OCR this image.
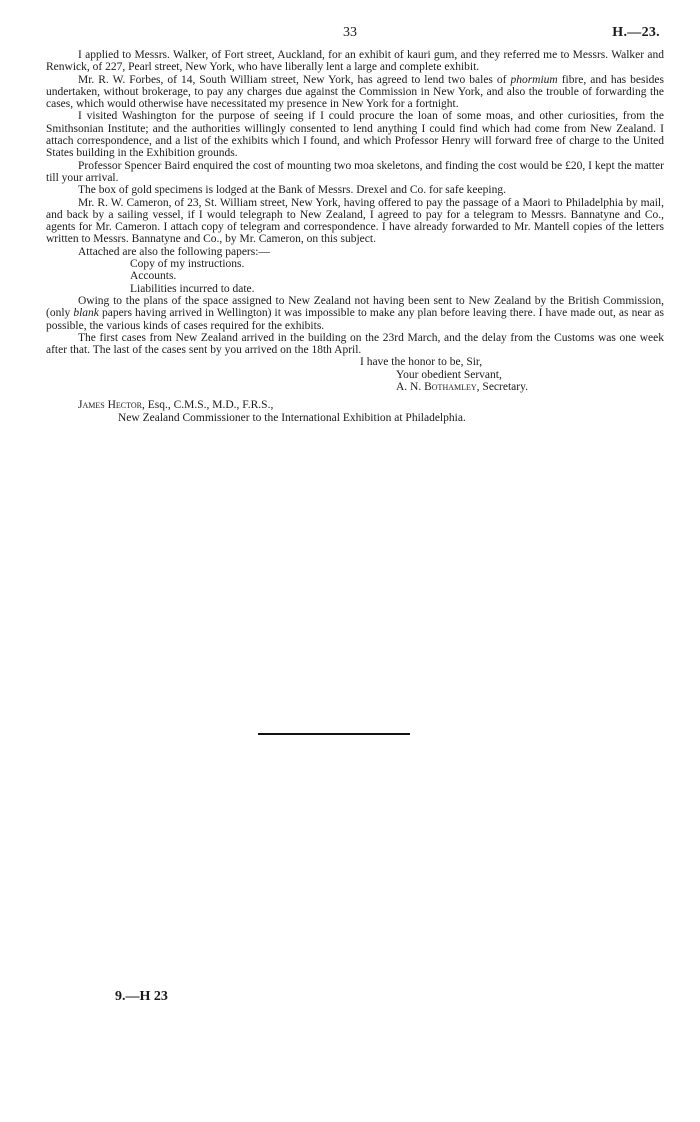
33	H.—23.

I applied to Messrs. Walker, of Fort street, Auckland, for an exhibit of kauri gum, and they referred me to Messrs. Walker and Renwick, of 227, Pearl street, New York, who have liberally lent a large and complete exhibit.

Mr. R. W. Forbes, of 14, South William street, New York, has agreed to lend two bales of phormium fibre, and has besides undertaken, without brokerage, to pay any charges due against the Commission in New York, and also the trouble of forwarding the cases, which would otherwise have necessitated my presence in New York for a fortnight.

I visited Washington for the purpose of seeing if I could procure the loan of some moas, and other curiosities, from the Smithsonian Institute; and the authorities willingly consented to lend anything I could find which had come from New Zealand. I attach correspondence, and a list of the exhibits which I found, and which Professor Henry will forward free of charge to the United States building in the Exhibition grounds.

Professor Spencer Baird enquired the cost of mounting two moa skeletons, and finding the cost would be £20, I kept the matter till your arrival.

The box of gold specimens is lodged at the Bank of Messrs. Drexel and Co. for safe keeping.

Mr. R. W. Cameron, of 23, St. William street, New York, having offered to pay the passage of a Maori to Philadelphia by mail, and back by a sailing vessel, if I would telegraph to New Zealand, I agreed to pay for a telegram to Messrs. Bannatyne and Co., agents for Mr. Cameron. I attach copy of telegram and correspondence. I have already forwarded to Mr. Mantell copies of the letters written to Messrs. Bannatyne and Co., by Mr. Cameron, on this subject.

Attached are also the following papers:—

Copy of my instructions.
Accounts.
Liabilities incurred to date.

Owing to the plans of the space assigned to New Zealand not having been sent to New Zealand by the British Commission, (only blank papers having arrived in Wellington) it was impossible to make any plan before leaving there. I have made out, as near as possible, the various kinds of cases required for the exhibits.

The first cases from New Zealand arrived in the building on the 23rd March, and the delay from the Customs was one week after that. The last of the cases sent by you arrived on the 18th April.

I have the honor to be, Sir,
Your obedient Servant,
A. N. Bothamley, Secretary.
James Hector, Esq., C.M.S., M.D., F.R.S.,
New Zealand Commissioner to the International Exhibition at Philadelphia.
9.—H 23
